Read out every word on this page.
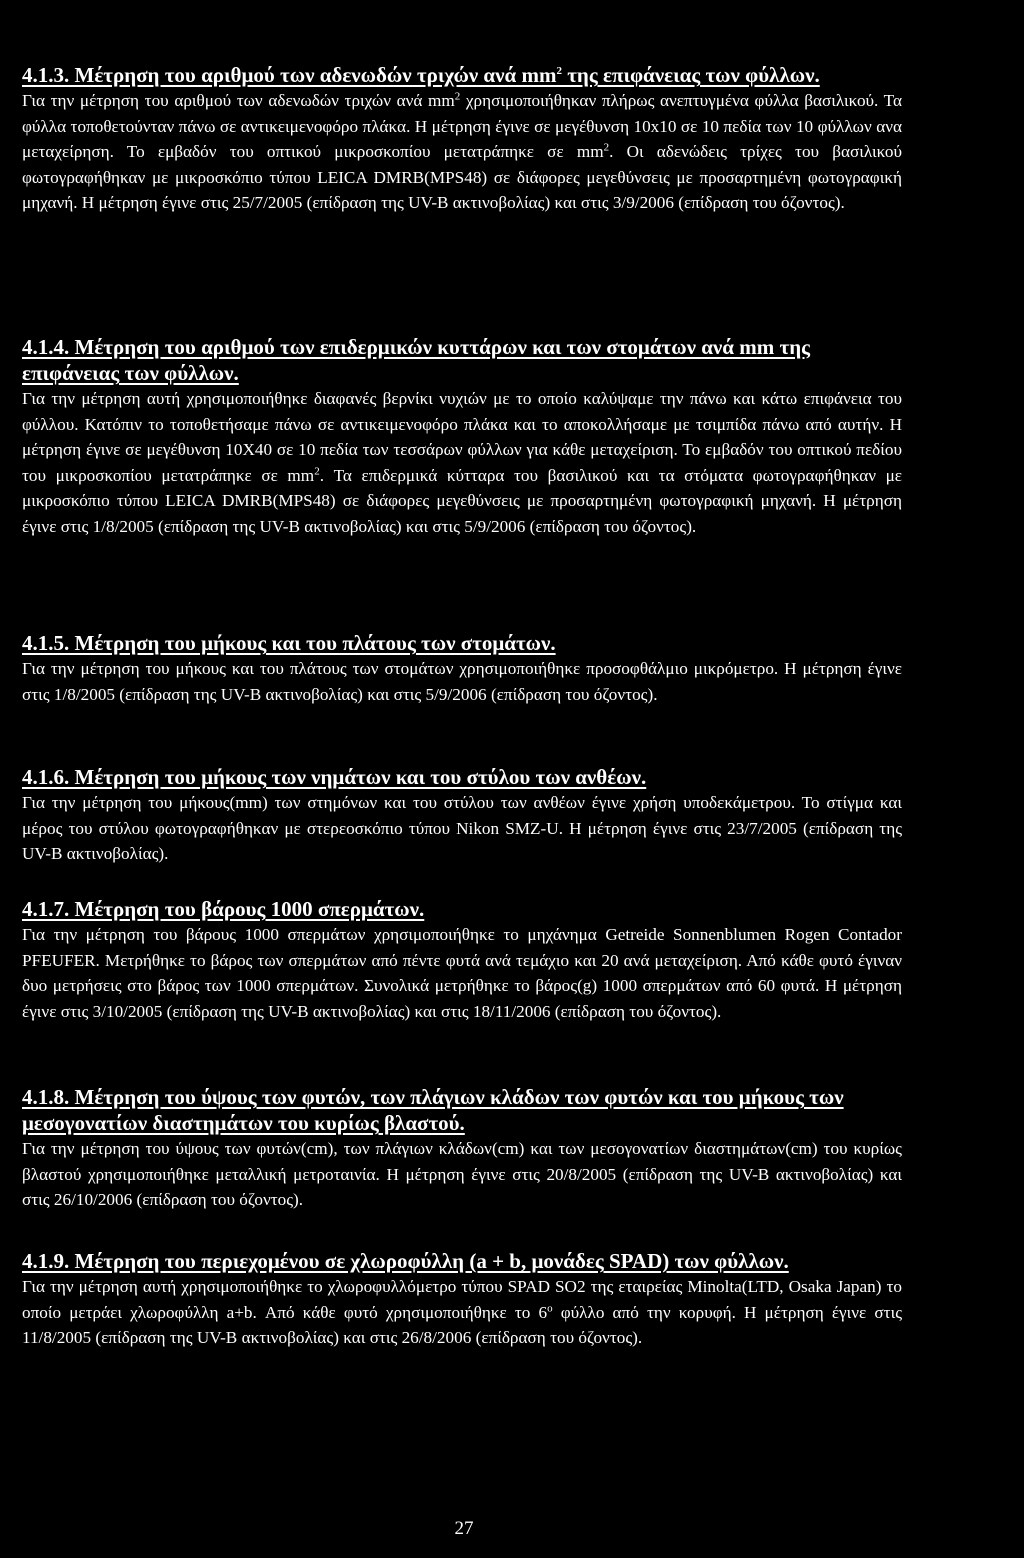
4.1.3. Μέτρηση του αριθμού των αδενωδών τριχών ανά $mm^2$ της επιφάνειας των φύλλων.

Για την μέτρηση του αριθμού των αδενωδών τριχών ανά $mm^2$ χρησιμοποιήθηκαν πλήρως ανεπτυγμένα φύλλα βασιλικού. Τα φύλλα τοποθετούνταν πάνω σε αντικειμενοφόρο πλάκα. Η μέτρηση έγινε σε μεγέθυνση 10x10 σε 10 πεδία των 10 φύλλων ανα μεταχείρηση. Το εμβαδόν του οπτικού μικροσκοπίου μετατράπηκε σε $mm^2$. Οι αδενώδεις τρίχες του βασιλικού φωτογραφήθηκαν με μικροσκόπιο τύπου LEICA DMRB(MPS48) σε διάφορες μεγεθύνσεις με προσαρτημένη φωτογραφική μηχανή. Η μέτρηση έγινε στις 25/7/2005 (επίδραση της UV-B ακτινοβολίας) και στις 3/9/2006 (επίδραση του όζοντος).

4.1.4. Μέτρηση του αριθμού των επιδερμικών κυττάρων και των στομάτων ανά mm της επιφάνειας των φύλλων.

Για την μέτρηση αυτή χρησιμοποιήθηκε διαφανές βερνίκι νυχιών με το οποίο καλύψαμε την πάνω και κάτω επιφάνεια του φύλλου. Κατόπιν το τοποθετήσαμε πάνω σε αντικειμενοφόρο πλάκα και το αποκολλήσαμε με τσιμπίδα πάνω από αυτήν. Η μέτρηση έγινε σε μεγέθυνση 10X40 σε 10 πεδία των τεσσάρων φύλλων για κάθε μεταχείριση. Το εμβαδόν του οπτικού πεδίου του μικροσκοπίου μετατράπηκε σε $mm^2$. Τα επιδερμικά κύτταρα του βασιλικού και τα στόματα φωτογραφήθηκαν με μικροσκόπιο τύπου LEICA DMRB(MPS48) σε διάφορες μεγεθύνσεις με προσαρτημένη φωτογραφική μηχανή. Η μέτρηση έγινε στις 1/8/2005 (επίδραση της UV-B ακτινοβολίας) και στις 5/9/2006 (επίδραση του όζοντος).

4.1.5. Μέτρηση του μήκους και του πλάτους των στομάτων.

Για την μέτρηση του μήκους και του πλάτους των στομάτων χρησιμοποιήθηκε προσοφθάλμιο μικρόμετρο. Η μέτρηση έγινε στις 1/8/2005 (επίδραση της UV-B ακτινοβολίας) και στις 5/9/2006 (επίδραση του όζοντος).

4.1.6. Μέτρηση του μήκους των νημάτων και του στύλου των ανθέων.

Για την μέτρηση του μήκους(mm) των στημόνων και του στύλου των ανθέων έγινε χρήση υποδεκάμετρου. Το στίγμα και μέρος του στύλου φωτογραφήθηκαν με στερεοσκόπιο τύπου Nikon SMZ-U. Η μέτρηση έγινε στις 23/7/2005 (επίδραση της UV-B ακτινοβολίας).

4.1.7. Μέτρηση του βάρους 1000 σπερμάτων.

Για την μέτρηση του βάρους 1000 σπερμάτων χρησιμοποιήθηκε το μηχάνημα Getreide Sonnenblumen Rogen Contador PFEUFER. Μετρήθηκε το βάρος των σπερμάτων από πέντε φυτά ανά τεμάχιο και 20 ανά μεταχείριση. Από κάθε φυτό έγιναν δυο μετρήσεις στο βάρος των 1000 σπερμάτων. Συνολικά μετρήθηκε το βάρος(g) 1000 σπερμάτων από 60 φυτά. Η μέτρηση έγινε στις 3/10/2005 (επίδραση της UV-B ακτινοβολίας) και στις 18/11/2006 (επίδραση του όζοντος).

4.1.8. Μέτρηση του ύψους των φυτών, των πλάγιων κλάδων των φυτών και του μήκους των μεσογονατίων διαστημάτων του κυρίως βλαστού.

Για την μέτρηση του ύψους των φυτών(cm), των πλάγιων κλάδων(cm) και των μεσογονατίων διαστημάτων(cm) του κυρίως βλαστού χρησιμοποιήθηκε μεταλλική μετροταινία. Η μέτρηση έγινε στις 20/8/2005 (επίδραση της UV-B ακτινοβολίας) και στις 26/10/2006 (επίδραση του όζοντος).

4.1.9. Μέτρηση του περιεχομένου σε χλωροφύλλη (a + b, μονάδες SPAD) των φύλλων.

Για την μέτρηση αυτή χρησιμοποιήθηκε το χλωροφυλλόμετρο τύπου SPAD SO2 της εταιρείας Minolta(LTD, Osaka Japan) το οποίο μετράει χλωροφύλλη a+b. Από κάθε φυτό χρησιμοποιήθηκε το 6$^o$ φύλλο από την κορυφή. Η μέτρηση έγινε στις 11/8/2005 (επίδραση της UV-B ακτινοβολίας) και στις 26/8/2006 (επίδραση του όζοντος).

27
